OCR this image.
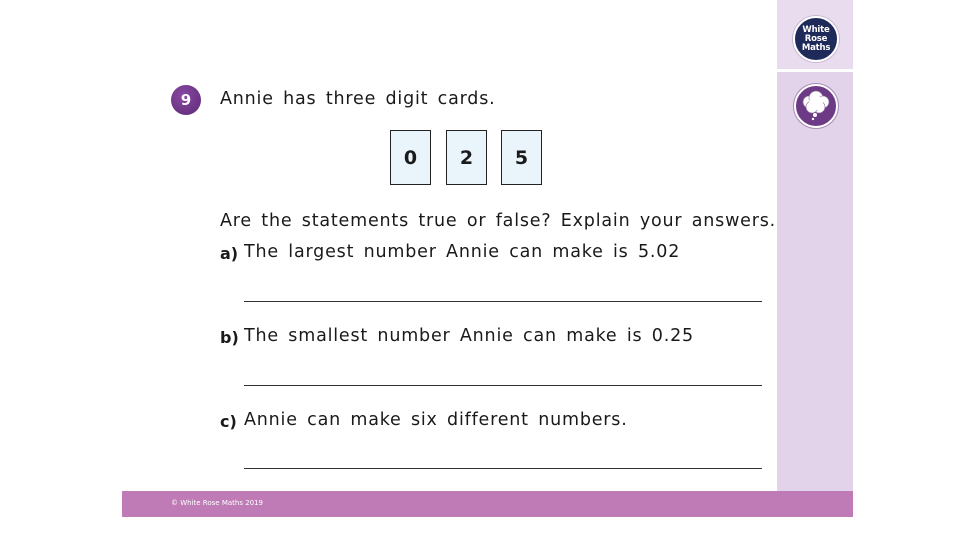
White
Rose
Maths
9	Annie has three digit cards.
0	2	5
Are the statements true or false? Explain your answers.
a) The largest number Annie can make is 5.02
b) The smallest number Annie can make is 0.25
c) Annie can make six different numbers.
© White Rose Maths 2019
